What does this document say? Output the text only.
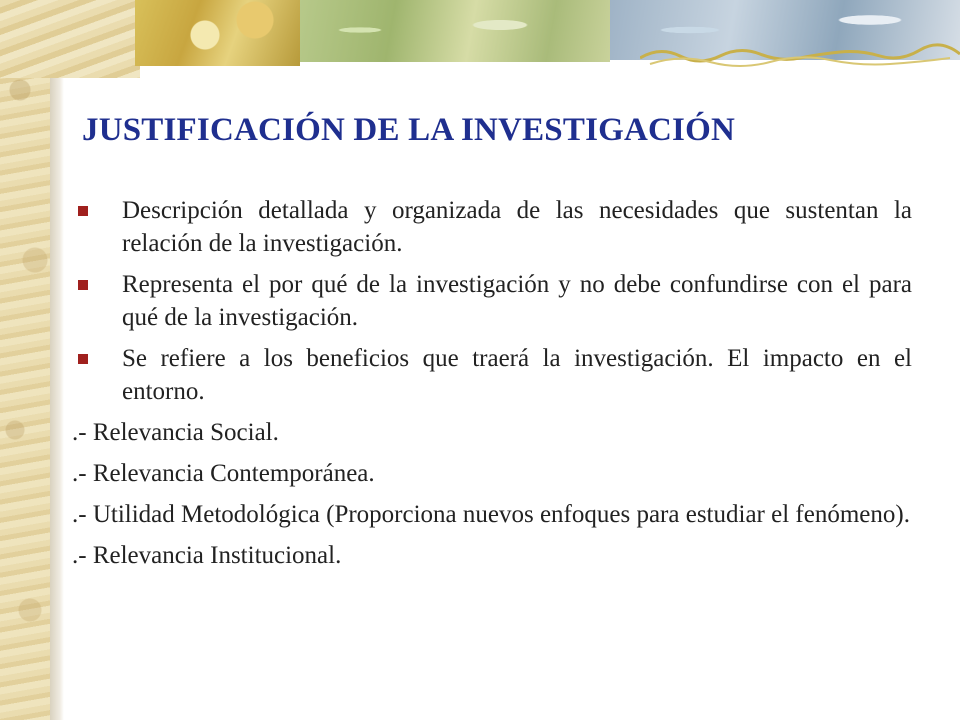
JUSTIFICACIÓN DE LA INVESTIGACIÓN
Descripción detallada y organizada de las necesidades que sustentan la relación de la investigación.
Representa el por qué de la investigación y no debe confundirse con el para qué de la investigación.
Se refiere a los beneficios que traerá la investigación. El impacto en el entorno.
.- Relevancia Social.
.- Relevancia Contemporánea.
.- Utilidad Metodológica (Proporciona nuevos enfoques para estudiar el fenómeno).
.- Relevancia Institucional.
